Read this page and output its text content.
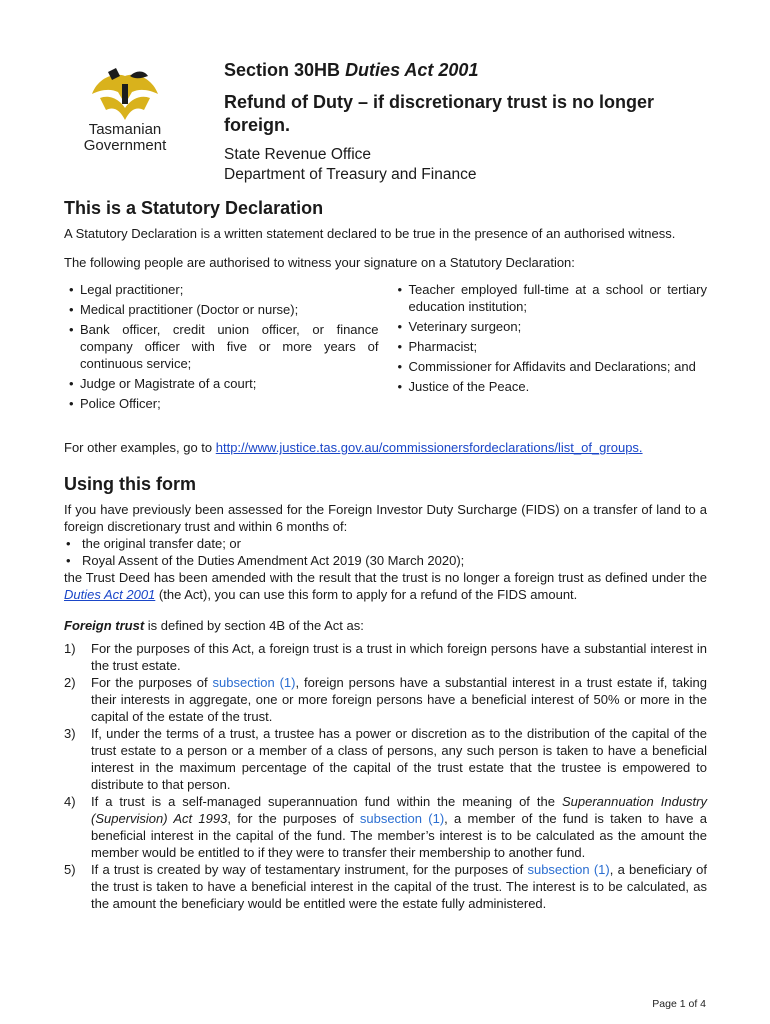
Tasmanian
Government

Section 30HB Duties Act 2001

Refund of Duty – if discretionary trust is no longer foreign.

State Revenue Office

Department of Treasury and Finance

This is a Statutory Declaration

A Statutory Declaration is a written statement declared to be true in the presence of an authorised witness.

The following people are authorised to witness your signature on a Statutory Declaration:

• Legal practitioner;
• Medical practitioner (Doctor or nurse);
• Bank officer, credit union officer, or finance company officer with five or more years of continuous service;
• Judge or Magistrate of a court;
• Police Officer;
• Teacher employed full-time at a school or tertiary education institution;
• Veterinary surgeon;
• Pharmacist;
• Commissioner for Affidavits and Declarations; and
• Justice of the Peace.

For other examples, go to http://www.justice.tas.gov.au/commissionersfordeclarations/list_of_groups.

Using this form

If you have previously been assessed for the Foreign Investor Duty Surcharge (FIDS) on a transfer of land to a foreign discretionary trust and within 6 months of:

• the original transfer date; or
• Royal Assent of the Duties Amendment Act 2019 (30 March 2020);

the Trust Deed has been amended with the result that the trust is no longer a foreign trust as defined under the Duties Act 2001 (the Act), you can use this form to apply for a refund of the FIDS amount.

Foreign trust is defined by section 4B of the Act as:

1) For the purposes of this Act, a foreign trust is a trust in which foreign persons have a substantial interest in the trust estate.
2) For the purposes of subsection (1), foreign persons have a substantial interest in a trust estate if, taking their interests in aggregate, one or more foreign persons have a beneficial interest of 50% or more in the capital of the estate of the trust.
3) If, under the terms of a trust, a trustee has a power or discretion as to the distribution of the capital of the trust estate to a person or a member of a class of persons, any such person is taken to have a beneficial interest in the maximum percentage of the capital of the trust estate that the trustee is empowered to distribute to that person.
4) If a trust is a self-managed superannuation fund within the meaning of the Superannuation Industry (Supervision) Act 1993, for the purposes of subsection (1), a member of the fund is taken to have a beneficial interest in the capital of the fund. The member’s interest is to be calculated as the amount the member would be entitled to if they were to transfer their membership to another fund.
5) If a trust is created by way of testamentary instrument, for the purposes of subsection (1), a beneficiary of the trust is taken to have a beneficial interest in the capital of the trust. The interest is to be calculated, as the amount the beneficiary would be entitled were the estate fully administered.
Page 1 of 4
